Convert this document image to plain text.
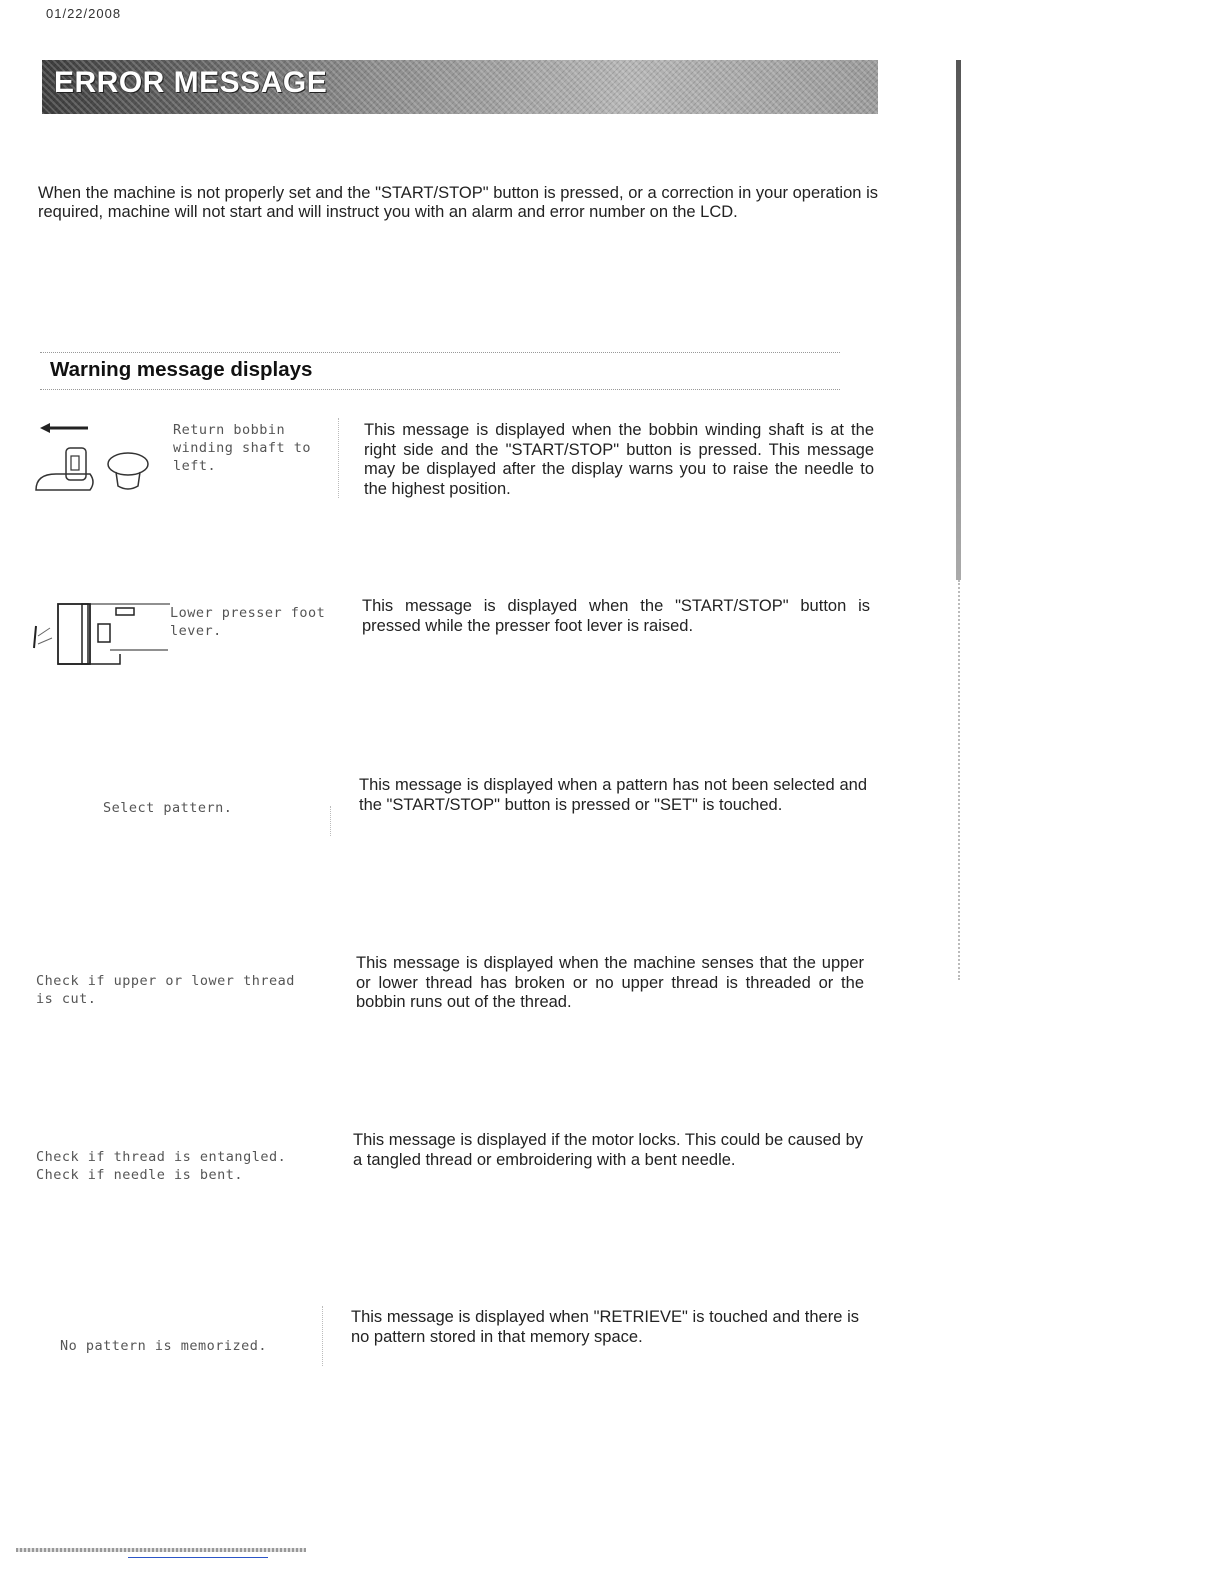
01/22/2008
ERROR MESSAGE
When the machine is not properly set and the "START/STOP" button is pressed, or a correction in your operation is required, machine will not start and will instruct you with an alarm and error number on the LCD.
Warning message displays
Return bobbin
winding shaft to
left.
This message is displayed when the bobbin winding shaft is at the right side and the "START/STOP" button is pressed. This message may be displayed after the display warns you to raise the needle to the highest position.
Lower presser foot
lever.
This message is displayed when the "START/STOP" button is pressed while the presser foot lever is raised.
Select pattern.
This message is displayed when a pattern has not been selected and the "START/STOP" button is pressed or "SET" is touched.
Check if upper or lower thread
is cut.
This message is displayed when the machine senses that the upper or lower thread has broken or no upper thread is threaded or the bobbin runs out of the thread.
Check if thread is entangled.
Check if needle is bent.
This message is displayed if the motor locks. This could be caused by a tangled thread or embroidering with a bent needle.
No pattern is memorized.
This message is displayed when "RETRIEVE" is touched and there is no pattern stored in that memory space.
